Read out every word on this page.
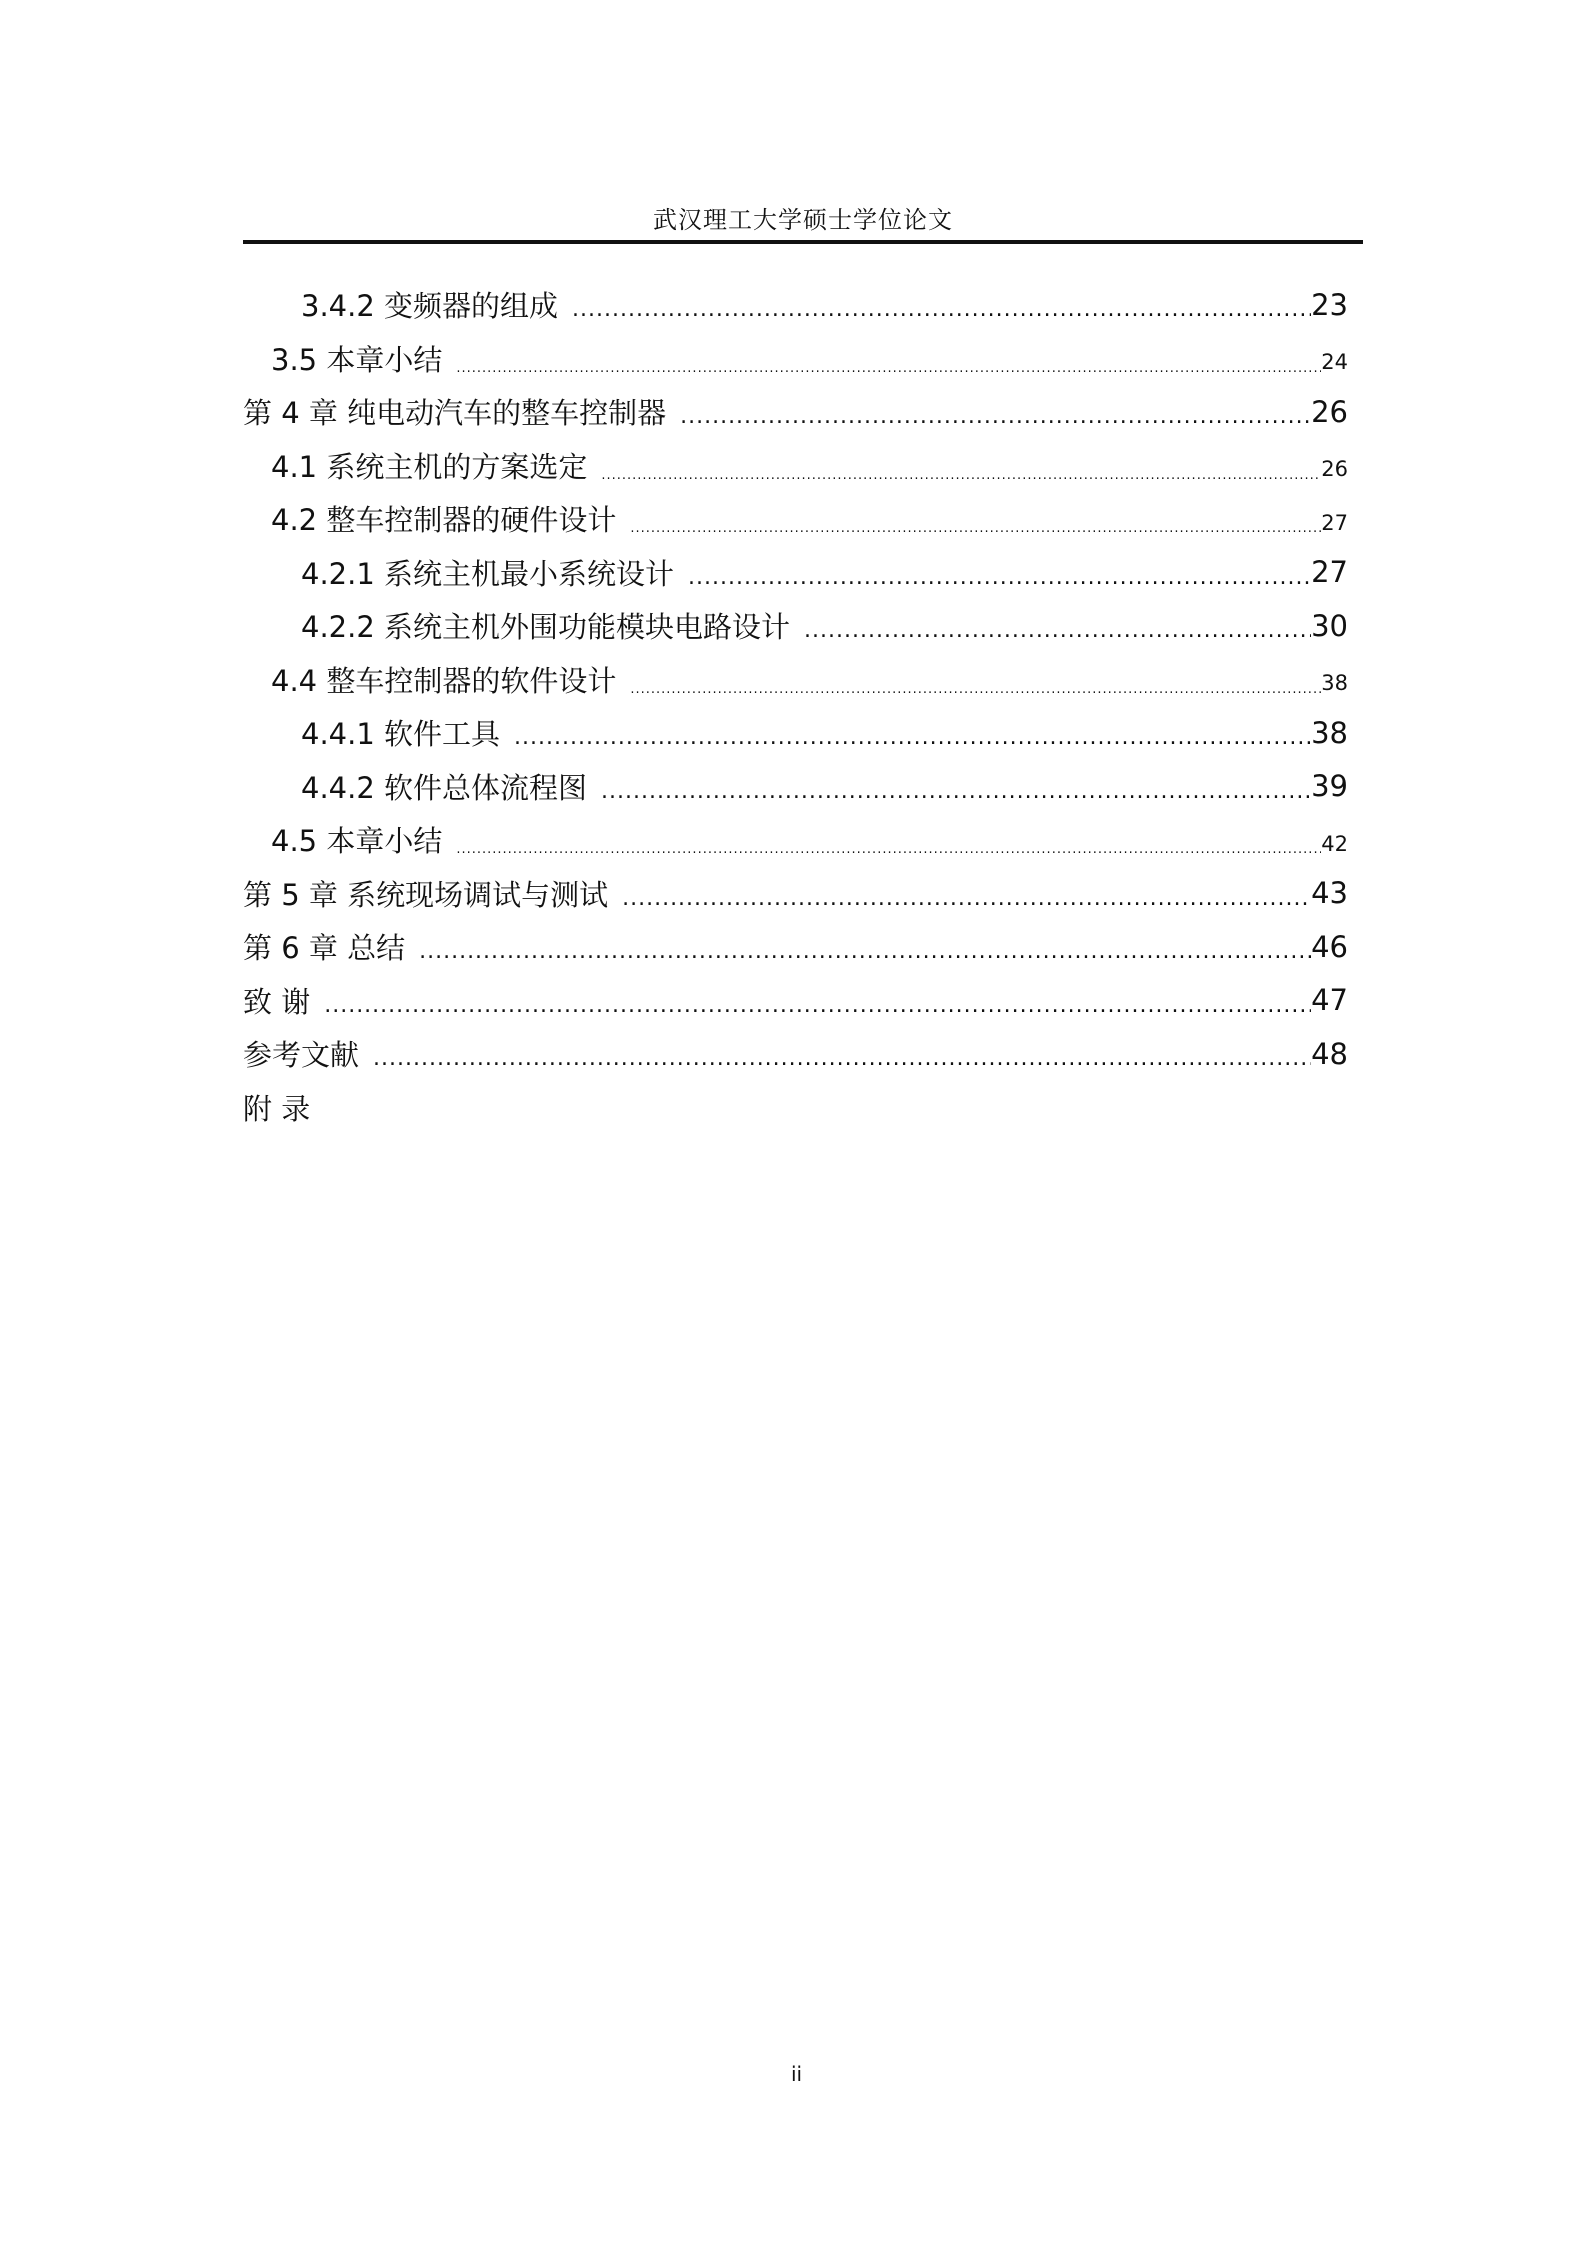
武汉理工大学硕士学位论文
3.4.2 变频器的组成 .....	23
3.5 本章小结 .....	24
第 4 章 纯电动汽车的整车控制器 .....	26
4.1 系统主机的方案选定 .....	26
4.2 整车控制器的硬件设计 .....	27
4.2.1 系统主机最小系统设计 .....	27
4.2.2 系统主机外围功能模块电路设计 .....	30
4.4 整车控制器的软件设计 .....	38
4.4.1 软件工具 .....	38
4.4.2 软件总体流程图 .....	39
4.5 本章小结 .....	42
第 5 章 系统现场调试与测试 .....	43
第 6 章 总结 .....	46
致 谢 .....	47
参考文献 .....	48
附 录
ii
